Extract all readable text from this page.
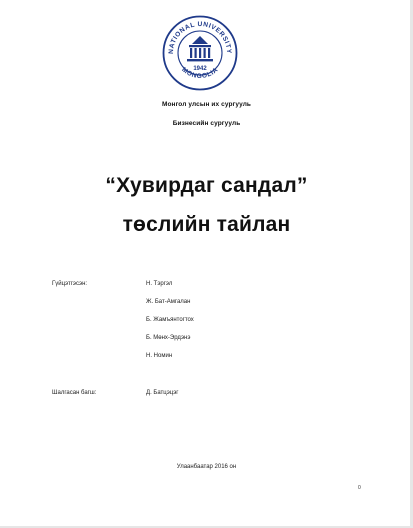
NATIONAL UNIVERSITY
MONGOLIA
1942
Монгол улсын их сургууль
Бизнесийн сургууль
“Хувирдаг сандал”
төслийн тайлан
Гүйцэтгэсэн:	Н. Тэргэл
Ж. Бат-Амгалан
Б. Жамъянтогтох
Б. Мөнх-Эрдэнэ
Н. Номин
Шалгасан багш:	Д. Батцэцэг
Улаанбаатар 2016 он
0
